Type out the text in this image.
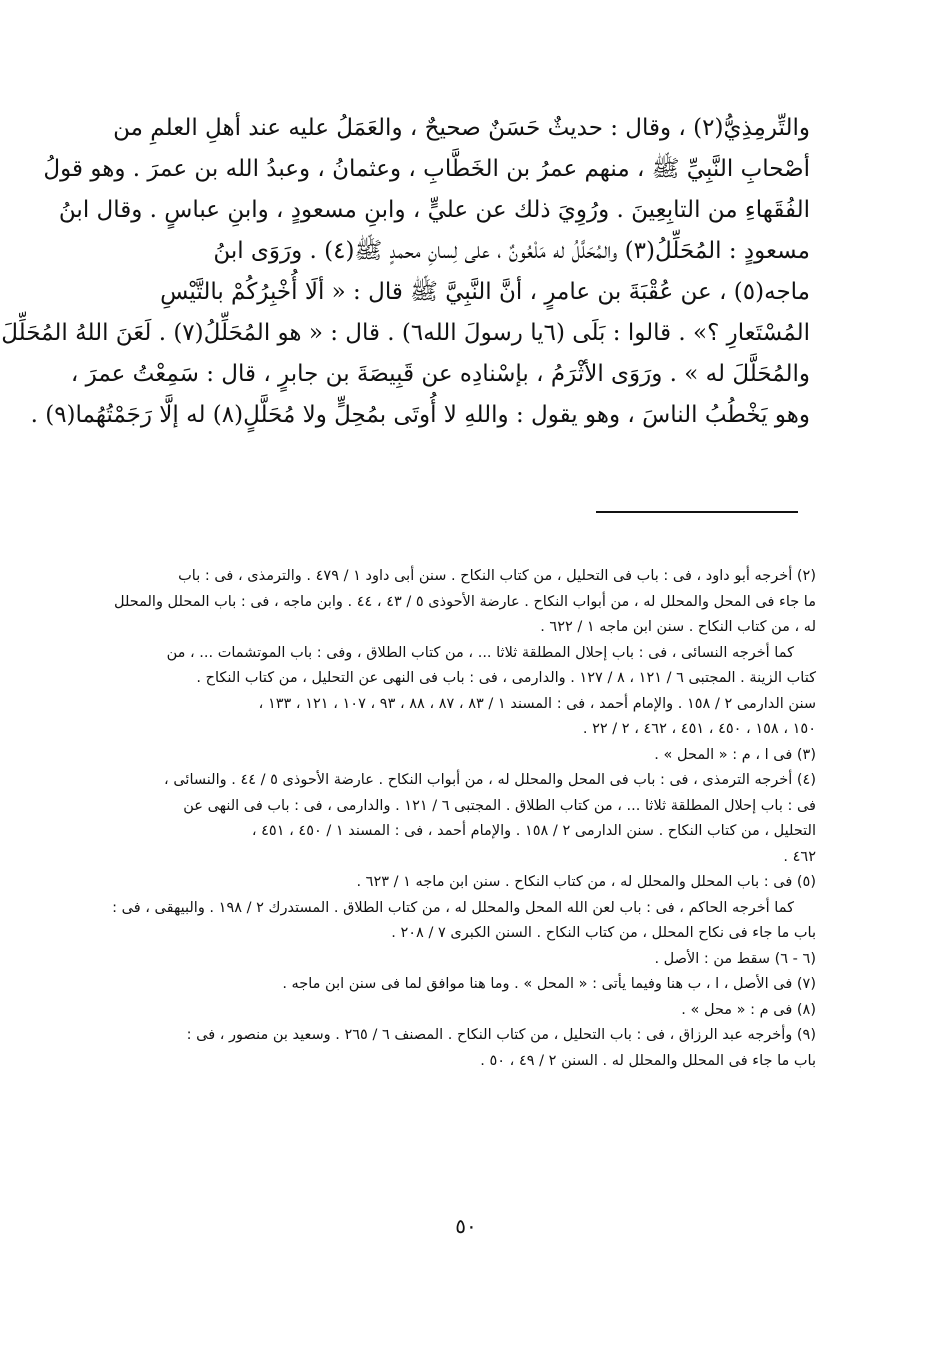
والتِّرمِذِيُّ(٢) ، وقال : حديثٌ حَسَنٌ صحيحٌ ، والعَمَلُ عليه عند أهلِ العلمِ من
أصْحابِ النَّبِيِّ ﷺ ، منهم عمرُ بن الخَطَّابِ ، وعثمانُ ، وعبدُ الله بن عمرَ . وهو قولُ
الفُقَهاءِ من التابِعِينَ . ورُوِيَ ذلك عن عليٍّ ، وابنِ مسعودٍ ، وابنِ عباسٍ . وقال ابنُ
مسعودٍ : المُحَلِّلُ(٣) والمُحَلَّلُ له مَلْعُونٌ ، على لِسانِ محمدٍ ﷺ(٤) . ورَوَى ابنُ
ماجه(٥) ، عن عُقْبَةَ بن عامرٍ ، أنَّ النَّبِيَّ ﷺ قال : « ألَا أُخْبِرُكُمْ بالتَّيْسِ
المُسْتَعارِ ؟» . قالوا : بَلَى (٦يا رسولَ الله٦) . قال : « هو المُحَلِّلُ(٧) . لَعَنَ اللهُ المُحَلِّلَ
والمُحَلَّلَ له » . ورَوَى الأثْرَمُ ، بإسْنادِه عن قَبِيصَةَ بن جابرٍ ، قال : سَمِعْتُ عمرَ ،
وهو يَخْطُبُ الناسَ ، وهو يقول : واللهِ لا أُوتَى بمُحِلٍّ ولا مُحَلَّلٍ(٨) له إلَّا رَجَمْتُهُما(٩) .
(٢) أخرجه أبو داود ، فى : باب فى التحليل ، من كتاب النكاح . سنن أبى داود ١ / ٤٧٩ . والترمذى ، فى : باب
ما جاء فى المحل والمحلل له ، من أبواب النكاح . عارضة الأحوذى ٥ / ٤٣ ، ٤٤ . وابن ماجه ، فى : باب المحلل والمحلل
له ، من كتاب النكاح . سنن ابن ماجه ١ / ٦٢٢ .
كما أخرجه النسائى ، فى : باب إحلال المطلقة ثلاثا ... ، من كتاب الطلاق ، وفى : باب الموتشمات ... ، من
كتاب الزينة . المجتبى ٦ / ١٢١ ، ٨ / ١٢٧ . والدارمى ، فى : باب فى النهى عن التحليل ، من كتاب النكاح .
سنن الدارمى ٢ / ١٥٨ . والإمام أحمد ، فى : المسند ١ / ٨٣ ، ٨٧ ، ٨٨ ، ٩٣ ، ١٠٧ ، ١٢١ ، ١٣٣ ،
١٥٠ ، ١٥٨ ، ٤٥٠ ، ٤٥١ ، ٤٦٢ ، ٢ / ٢٢ .
(٣) فى ا ، م : « المحل » .
(٤) أخرجه الترمذى ، فى : باب فى المحل والمحلل له ، من أبواب النكاح . عارضة الأحوذى ٥ / ٤٤ . والنسائى ،
فى : باب إحلال المطلقة ثلاثا ... ، من كتاب الطلاق . المجتبى ٦ / ١٢١ . والدارمى ، فى : باب فى النهى عن
التحليل ، من كتاب النكاح . سنن الدارمى ٢ / ١٥٨ . والإمام أحمد ، فى : المسند ١ / ٤٥٠ ، ٤٥١ ،
٤٦٢ .
(٥) فى : باب المحلل والمحلل له ، من كتاب النكاح . سنن ابن ماجه ١ / ٦٢٣ .
كما أخرجه الحاكم ، فى : باب لعن الله المحل والمحلل له ، من كتاب الطلاق . المستدرك ٢ / ١٩٨ . والبيهقى ، فى :
باب ما جاء فى نكاح المحلل ، من كتاب النكاح . السنن الكبرى ٧ / ٢٠٨ .
(٦ - ٦) سقط من : الأصل .
(٧) فى الأصل ، ا ، ب هنا وفيما يأتى : « المحل » . وما هنا موافق لما فى سنن ابن ماجه .
(٨) فى م : « محل » .
(٩) وأخرجه عبد الرزاق ، فى : باب التحليل ، من كتاب النكاح . المصنف ٦ / ٢٦٥ . وسعيد بن منصور ، فى :
باب ما جاء فى المحلل والمحلل له . السنن ٢ / ٤٩ ، ٥٠ .
٥٠
